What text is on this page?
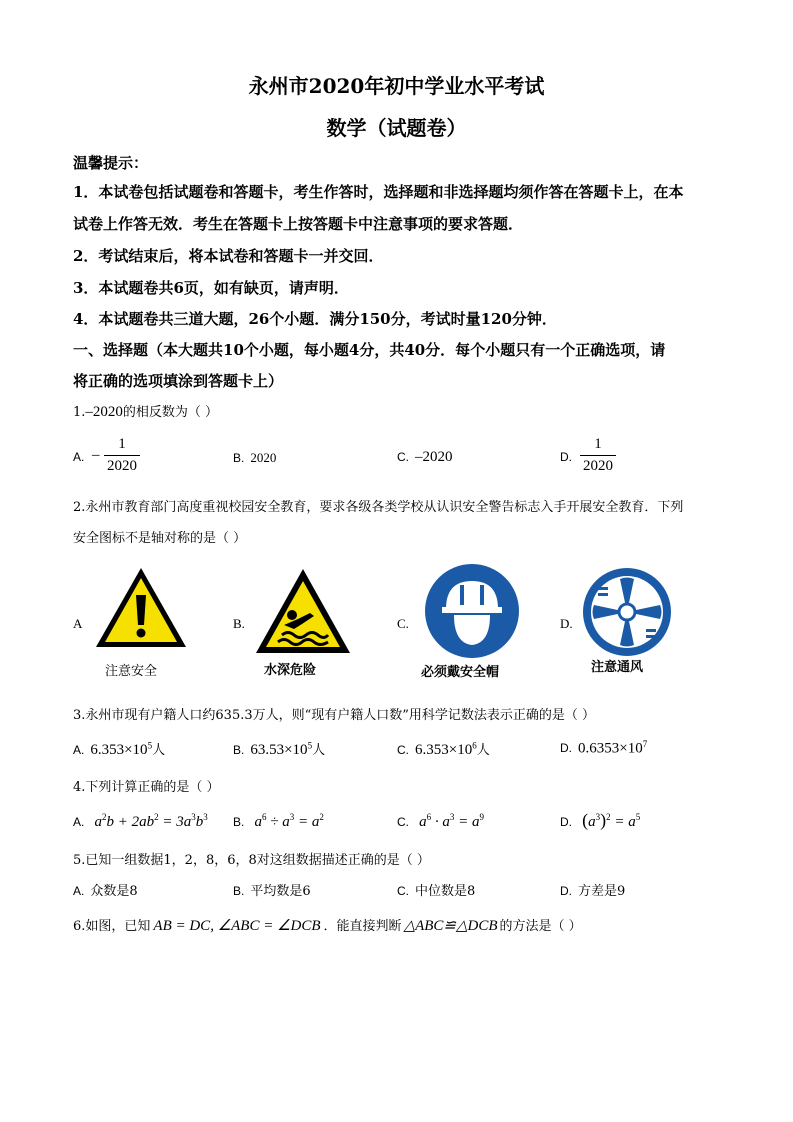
永州市2020年初中学业水平考试
数学（试题卷）
温馨提示：
1．本试卷包括试题卷和答题卡，考生作答时，选择题和非选择题均须作答在答题卡上，在本
试卷上作答无效．考生在答题卡上按答题卡中注意事项的要求答题．
2．考试结束后，将本试卷和答题卡一并交回．
3．本试题卷共6页，如有缺页，请声明．
4．本试题卷共三道大题，26个小题．满分150分，考试时量120分钟．
一、选择题（本大题共10个小题，每小题4分，共40分．每个小题只有一个正确选项，请
将正确的选项填涂到答题卡上）
1.–2020的相反数为（ ）
A. –
1
2020	B. 2020	C. –2020	D.
1
2020
2.永州市教育部门高度重视校园安全教育，要求各级各类学校从认识安全警告标志入手开展安全教育．下列
安全图标不是轴对称的是（ ）
A
注意安全
B.
水深危险
C.
必须戴安全帽
D.
注意通风
3.永州市现有户籍人口约635.3万人，则“现有户籍人口数”用科学记数法表示正确的是（ ）
A. $6.353\times 10^5$人	B. $63.53\times 10^5$人	C. $6.353\times 10^6$人	D. $0.6353\times 10^7$
4.下列计算正确的是（ ）
A. $a^2b + 2ab^2 = 3a^3b^3$ B. $a^6 \div a^3 = a^2$	C. $a^6 \cdot a^3 = a^9$	D. $(a^3)^2 = a^5$
5.已知一组数据1，2，8，6，8对这组数据描述正确的是（ ）
A. 众数是8	B. 平均数是6	C. 中位数是8	D. 方差是9
6.如图，已知 AB = DC, ∠ABC = ∠DCB ．能直接判断 △ABC≌△DCB 的方法是（ ）
